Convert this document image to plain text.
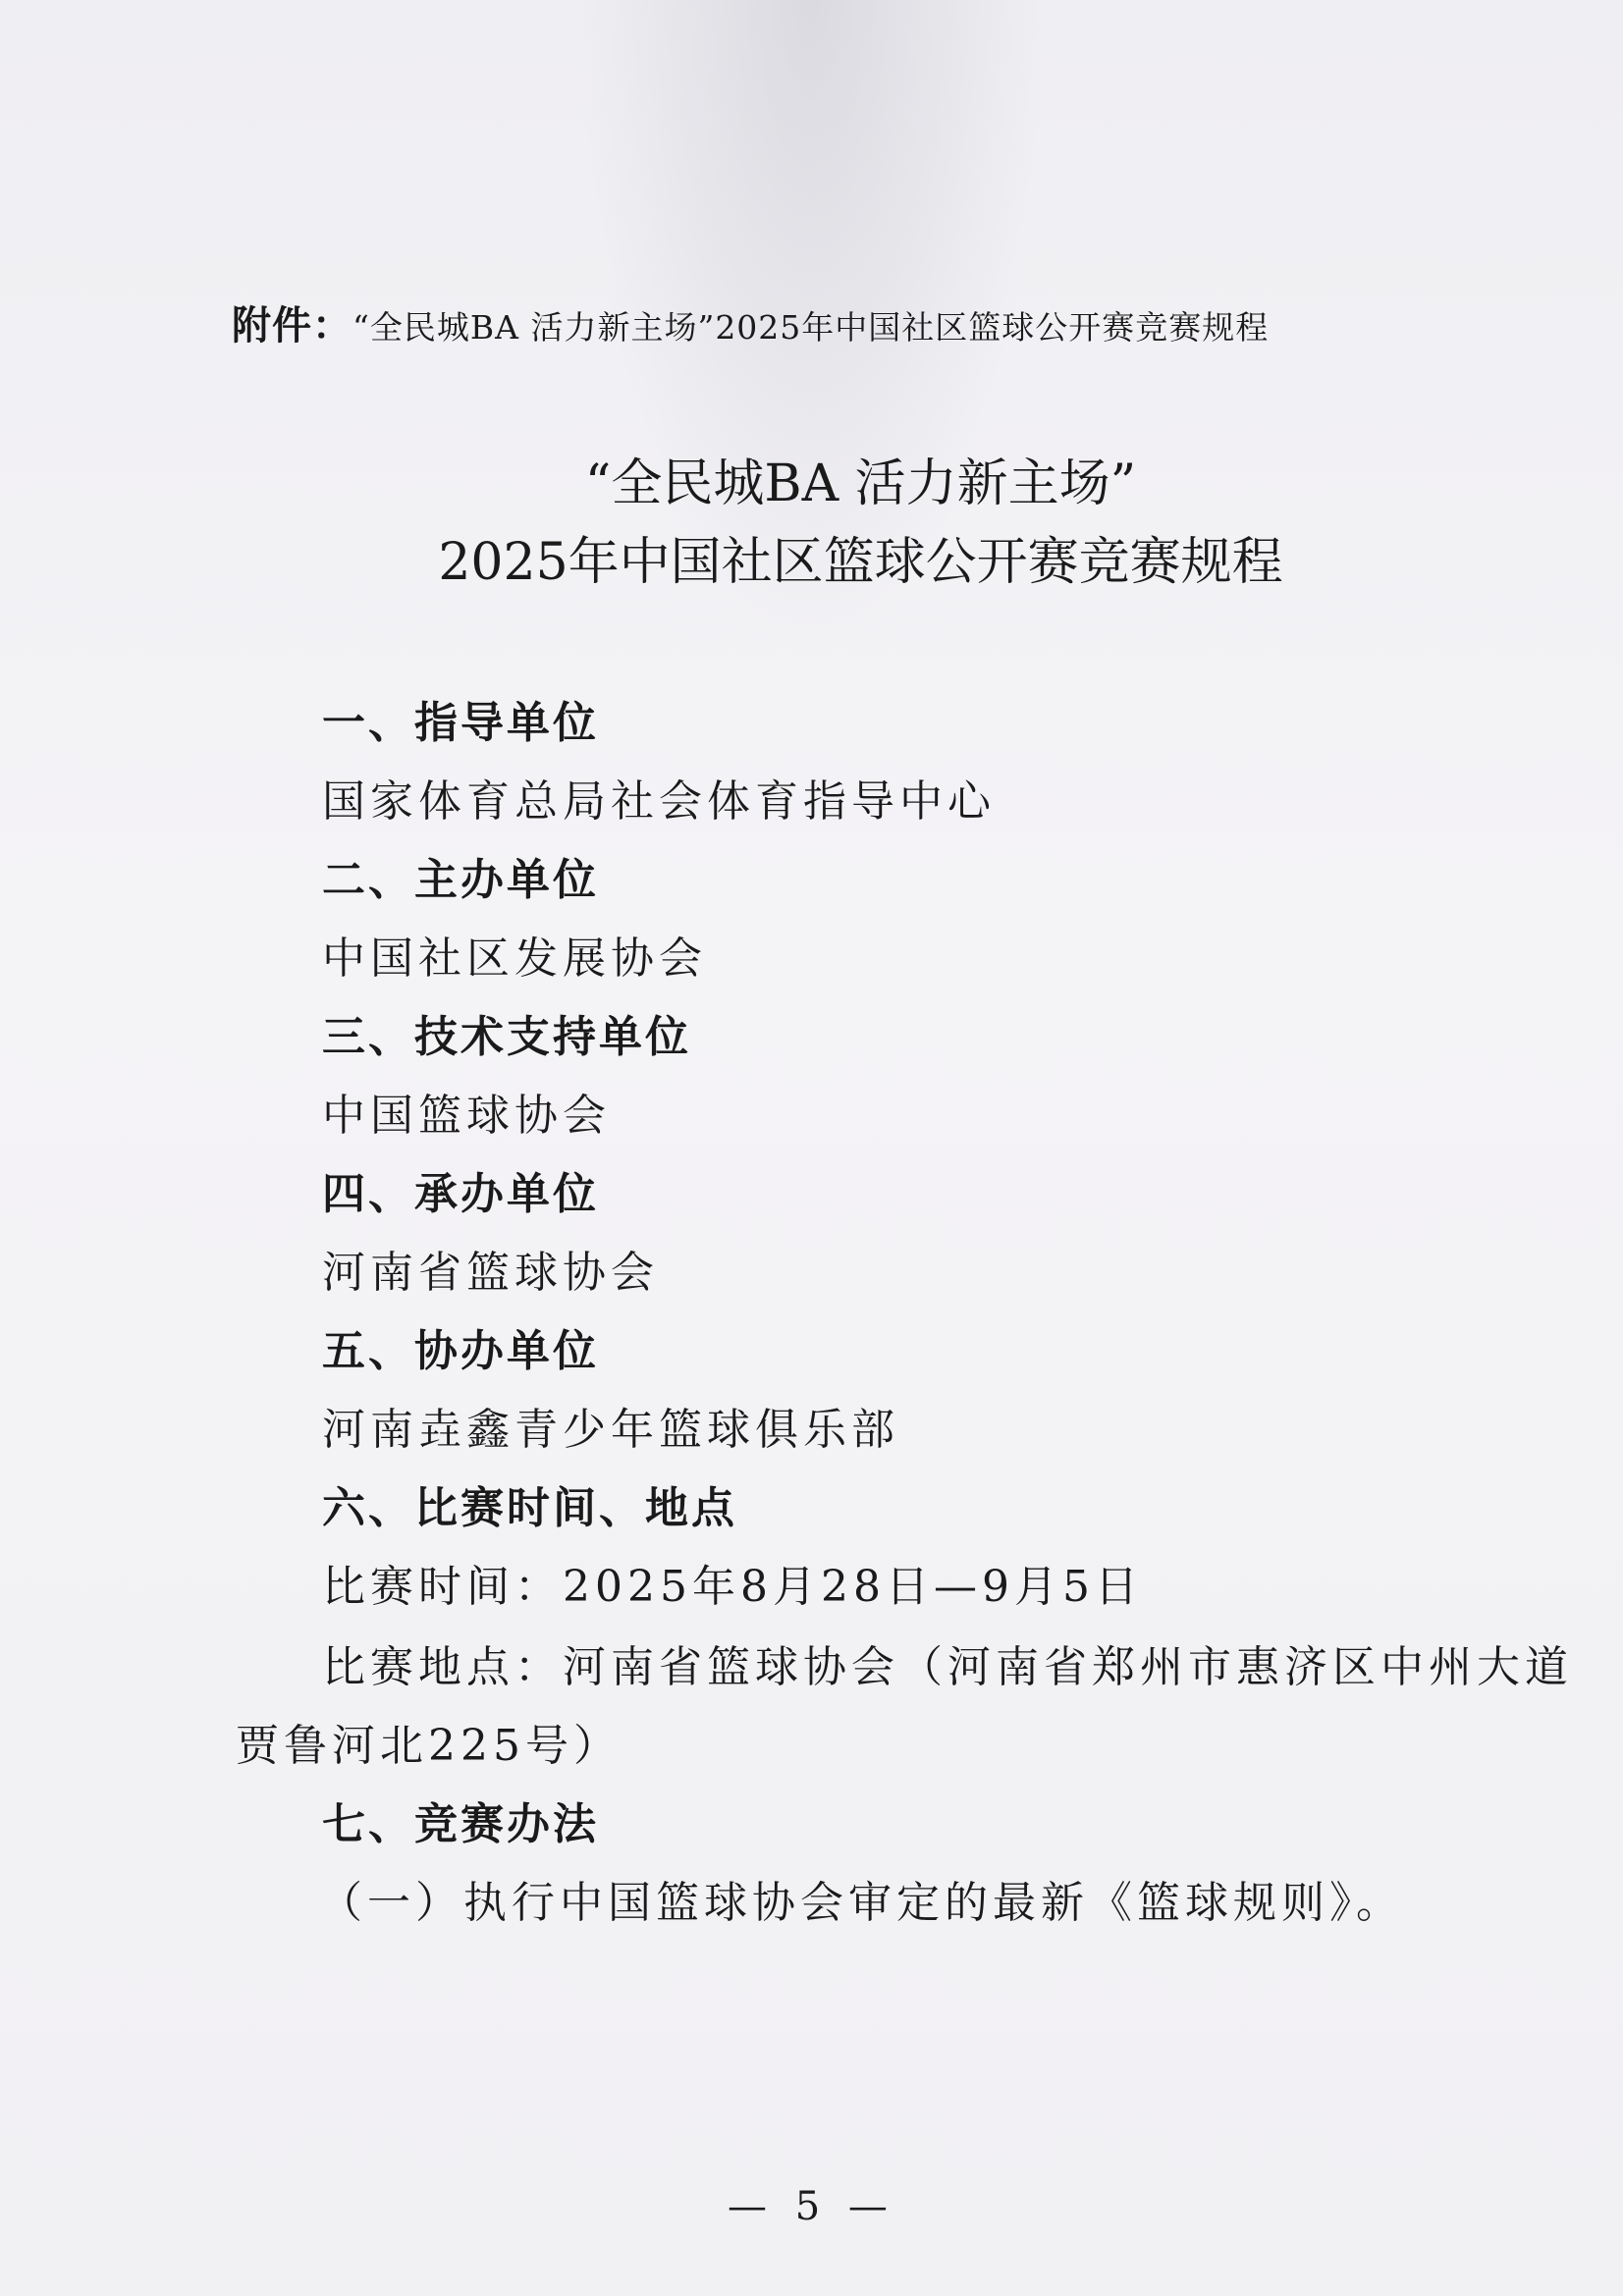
附件：“全民城BA 活力新主场”2025年中国社区篮球公开赛竞赛规程
“全民城BA 活力新主场”
2025年中国社区篮球公开赛竞赛规程
一、指导单位
国家体育总局社会体育指导中心
二、主办单位
中国社区发展协会
三、技术支持单位
中国篮球协会
四、承办单位
河南省篮球协会
五、协办单位
河南垚鑫青少年篮球俱乐部
六、比赛时间、地点
比赛时间：2025年8月28日—9月5日
比赛地点：河南省篮球协会（河南省郑州市惠济区中州大道
贾鲁河北225号）
七、竞赛办法
（一）执行中国篮球协会审定的最新《篮球规则》。
— 5 —
